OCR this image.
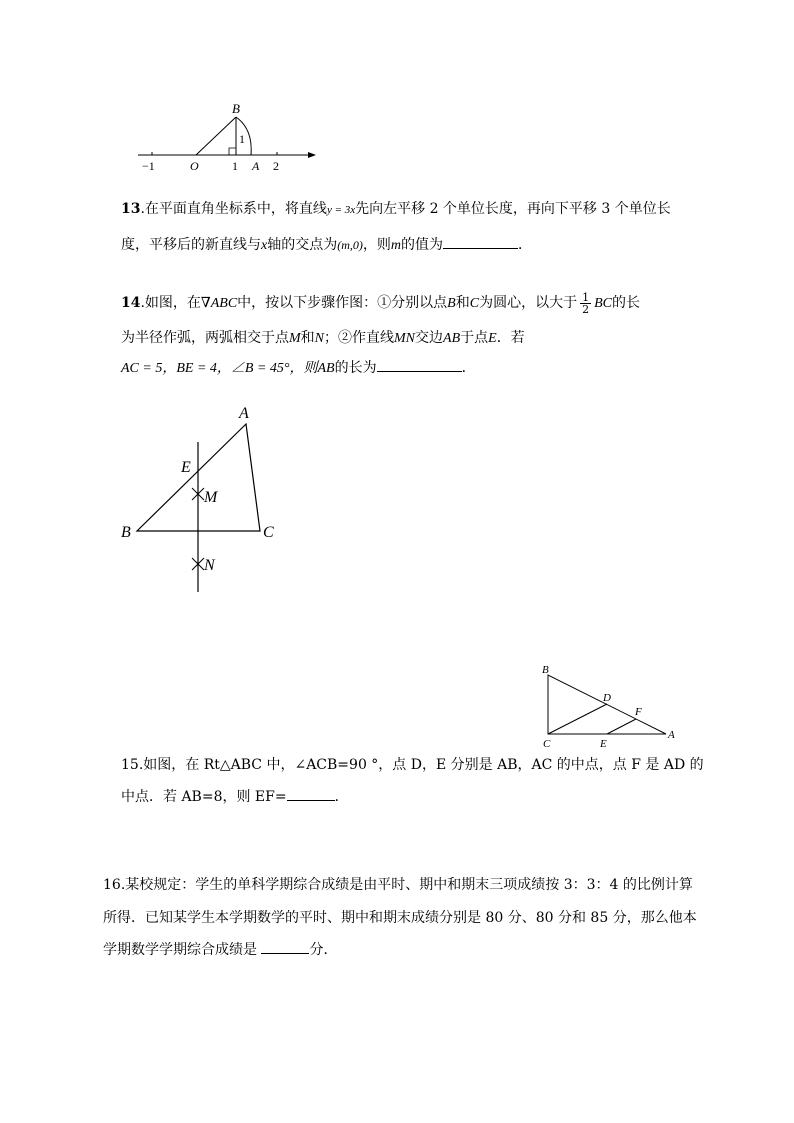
B
1
−1	O	1 A 2
13.在平面直角坐标系中，将直线y = 3x先向左平移 2 个单位长度，再向下平移 3 个单位长
度，平移后的新直线与x轴的交点为(m,0)，则m的值为	．
14.如图，在∇ABC中，按以下步骤作图：①分别以点B和C为圆心，以大于 $\frac{1}{2}$ BC的长
为半径作弧，两弧相交于点M和N；②作直线MN交边AB于点E．若
AC = 5，BE = 4，∠B = 45°，则AB的长为	．
A
E
M
B	C
N
B
D
F
C	E
A
15.如图，在 Rt△ABC 中，∠ACB=90 °，点 D，E 分别是 AB，AC 的中点，点 F 是 AD 的
中点．若 AB=8，则 EF=	．
16.某校规定：学生的单科学期综合成绩是由平时、期中和期末三项成绩按 3：3：4 的比例计算
所得．已知某学生本学期数学的平时、期中和期末成绩分别是 80 分、80 分和 85 分，那么他本
学期数学学期综合成绩是	分．
